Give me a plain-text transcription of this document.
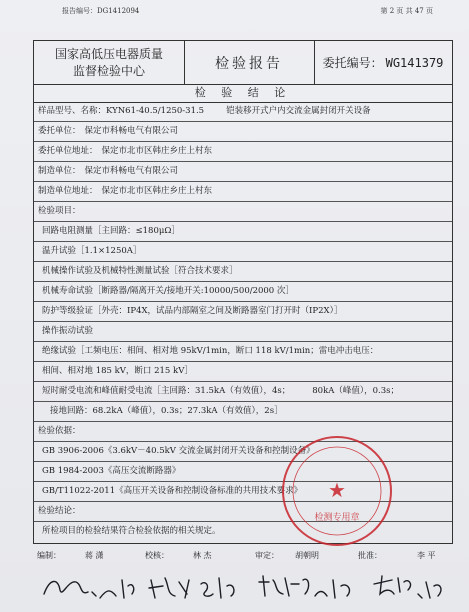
报告编号：DG1412094	第 2 页 共 47 页
国家高低压电器质量
监督检验中心	检验报告	委托编号： WG141379
检 验 结 论
样品型号、名称：KYN61-40.5/1250-31.5	铠装移开式户内交流金属封闭开关设备
委托单位： 保定市科畅电气有限公司
委托单位地址： 保定市北市区韩庄乡庄上村东
制造单位： 保定市科畅电气有限公司
制造单位地址： 保定市北市区韩庄乡庄上村东
检验项目：
回路电阻测量［主回路：≤180μΩ］
温升试验［1.1×1250A］
机械操作试验及机械特性测量试验［符合技术要求］
机械寿命试验［断路器/隔离开关/接地开关:10000/500/2000 次］
防护等级验证［外壳：IP4X，试品内部隔室之间及断路器室门打开时（IP2X）］
操作振动试验
绝缘试验［工频电压：相间、相对地 95kV/1min，断口 118 kV/1min；雷电冲击电压：
相间、相对地 185 kV，断口 215 kV］
短时耐受电流和峰值耐受电流［主回路：31.5kA（有效值），4s；	80kA（峰值），0.3s；
接地回路：68.2kA（峰值），0.3s；27.3kA（有效值），2s］
检验依据：
GB 3906-2006《3.6kV－40.5kV 交流金属封闭开关设备和控制设备》
GB 1984-2003《高压交流断路器》
GB/T11022-2011《高压开关设备和控制设备标准的共用技术要求》
检验结论：
所检项目的检验结果符合检验依据的相关规定。
★
检测专用章
编制：	蒋 潇	校核：	林 杰	审定： 胡朝明	批准：	李 平
